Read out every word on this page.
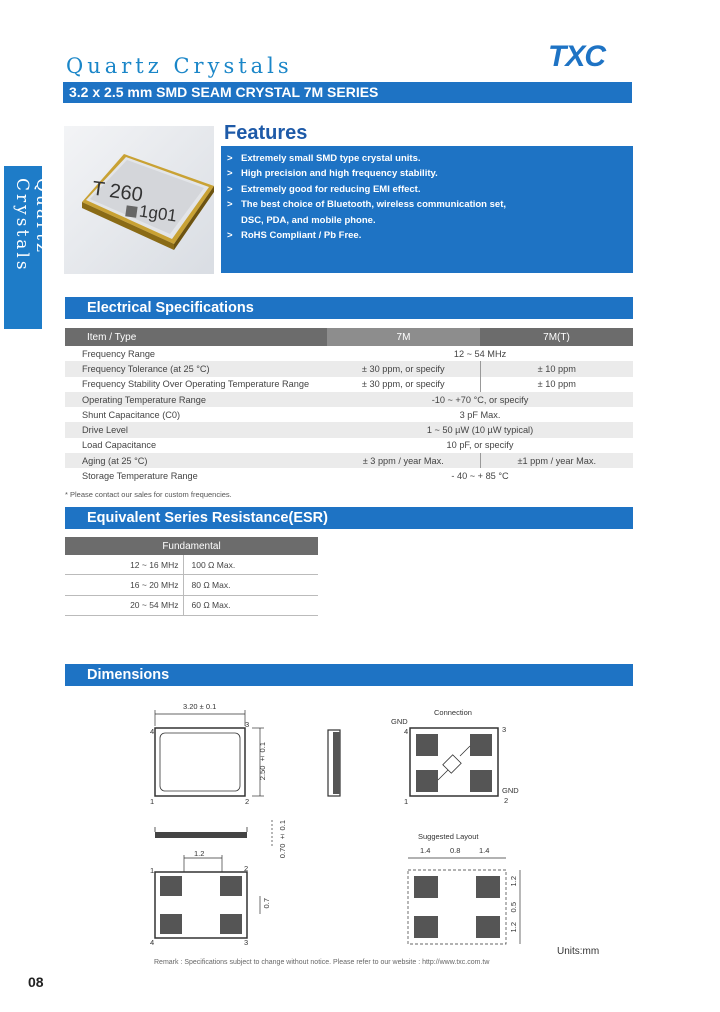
Quartz Crystals	TXC
3.2 x 2.5 mm SMD SEAM CRYSTAL 7M SERIES
Quartz Crystals	T 260
1g01
Features
> Extremely small SMD type crystal units.
> High precision and high frequency stability.
> Extremely good for reducing EMI effect.
> The best choice of Bluetooth, wireless communication set,
DSC, PDA, and mobile phone.
> RoHS Compliant / Pb Free.
Electrical Specifications
Item / Type	7M	7M(T)
Frequency Range	12 ~ 54 MHz	
Frequency Tolerance (at 25 °C)	± 30 ppm, or specify	± 10 ppm
Frequency Stability Over Operating Temperature Range	± 30 ppm, or specify	± 10 ppm
Operating Temperature Range	-10 ~ +70 °C, or specify	
Shunt Capacitance (C0)	3 pF Max.	
Drive Level	1 ~ 50 µW (10 µW typical)	
Load Capacitance	10 pF, or specify	
Aging (at 25 °C)	± 3 ppm / year Max.	±1 ppm / year Max.
Storage Temperature Range	- 40 ~ + 85 °C	
* Please contact our sales for custom frequencies.
Equivalent Series Resistance(ESR)
Fundamental	
12 ~ 16 MHz	100 Ω Max.
16 ~ 20 MHz	80 Ω Max.
20 ~ 54 MHz	60 Ω Max.
Dimensions
3.20 ± 0.1
2.50 ± 0.1
0.70 ± 0.1
4
3
1	2
1.2
0.7
1	2
4	3
Connection
GND
4	3
1
GND
2
Suggested Layout
1.4	0.8 1.4
1.2
0.5
1.2
Units:mm
Remark : Specifications subject to change without notice. Please refer to our website : http://www.txc.com.tw
08
